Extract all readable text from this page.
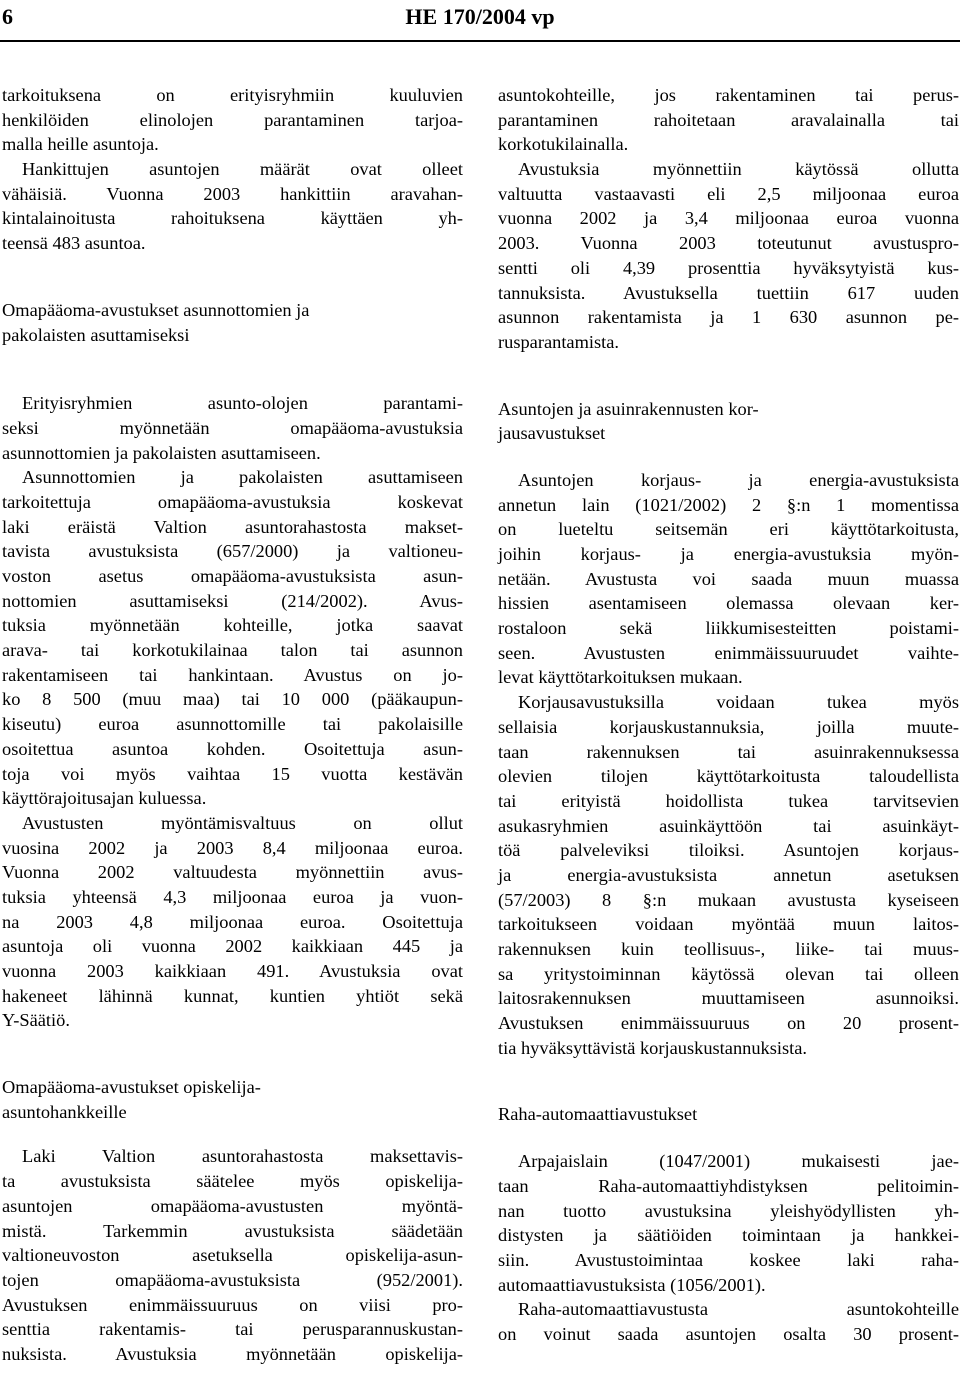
6	HE 170/2004 vp
tarkoituksena on erityisryhmiin kuuluvien
henkilöiden elinolojen parantaminen tarjoa-
malla heille asuntoja.
Hankittujen asuntojen määrät ovat olleet
vähäisiä. Vuonna 2003 hankittiin aravahan-
kintalainoitusta rahoituksena käyttäen yh-
teensä 483 asuntoa.
Omapääoma-avustukset asunnottomien ja
pakolaisten asuttamiseksi
Erityisryhmien asunto-olojen parantami-
seksi myönnetään omapääoma-avustuksia
asunnottomien ja pakolaisten asuttamiseen.
Asunnottomien ja pakolaisten asuttamiseen
tarkoitettuja omapääoma-avustuksia koskevat
laki eräistä Valtion asuntorahastosta makset-
tavista avustuksista (657/2000) ja valtioneu-
voston asetus omapääoma-avustuksista asun-
nottomien asuttamiseksi (214/2002). Avus-
tuksia myönnetään kohteille, jotka saavat
arava- tai korkotukilainaa talon tai asunnon
rakentamiseen tai hankintaan. Avustus on jo-
ko 8 500 (muu maa) tai 10 000 (pääkaupun-
kiseutu) euroa asunnottomille tai pakolaisille
osoitettua asuntoa kohden. Osoitettuja asun-
toja voi myös vaihtaa 15 vuotta kestävän
käyttörajoitusajan kuluessa.
Avustusten myöntämisvaltuus on ollut
vuosina 2002 ja 2003 8,4 miljoonaa euroa.
Vuonna 2002 valtuudesta myönnettiin avus-
tuksia yhteensä 4,3 miljoonaa euroa ja vuon-
na 2003 4,8 miljoonaa euroa. Osoitettuja
asuntoja oli vuonna 2002 kaikkiaan 445 ja
vuonna 2003 kaikkiaan 491. Avustuksia ovat
hakeneet lähinnä kunnat, kuntien yhtiöt sekä
Y-Säätiö.
Omapääoma-avustukset opiskelija-
asuntohankkeille
Laki Valtion asuntorahastosta maksettavis-
ta avustuksista säätelee myös opiskelija-
asuntojen omapääoma-avustusten myöntä-
mistä. Tarkemmin avustuksista säädetään
valtioneuvoston asetuksella opiskelija-asun-
tojen omapääoma-avustuksista (952/2001).
Avustuksen enimmäissuuruus on viisi pro-
senttia rakentamis- tai perusparannuskustan-
nuksista. Avustuksia myönnetään opiskelija-
asuntokohteille, jos rakentaminen tai perus-
parantaminen rahoitetaan aravalainalla tai
korkotukilainalla.
Avustuksia myönnettiin käytössä ollutta
valtuutta vastaavasti eli 2,5 miljoonaa euroa
vuonna 2002 ja 3,4 miljoonaa euroa vuonna
2003. Vuonna 2003 toteutunut avustuspro-
sentti oli 4,39 prosenttia hyväksytyistä kus-
tannuksista. Avustuksella tuettiin 617 uuden
asunnon rakentamista ja 1 630 asunnon pe-
rusparantamista.
Asuntojen ja asuinrakennusten kor-
jausavustukset
Asuntojen korjaus- ja energia-avustuksista
annetun lain (1021/2002) 2 §:n 1 momentissa
on lueteltu seitsemän eri käyttötarkoitusta,
joihin korjaus- ja energia-avustuksia myön-
netään. Avustusta voi saada muun muassa
hissien asentamiseen olemassa olevaan ker-
rostaloon sekä liikkumisesteitten poistami-
seen. Avustusten enimmäissuuruudet vaihte-
levat käyttötarkoituksen mukaan.
Korjausavustuksilla voidaan tukea myös
sellaisia korjauskustannuksia, joilla muute-
taan rakennuksen tai asuinrakennuksessa
olevien tilojen käyttötarkoitusta taloudellista
tai erityistä hoidollista tukea tarvitsevien
asukasryhmien asuinkäyttöön tai asuinkäyt-
töä palveleviksi tiloiksi. Asuntojen korjaus-
ja energia-avustuksista annetun asetuksen
(57/2003) 8 §:n mukaan avustusta kyseiseen
tarkoitukseen voidaan myöntää muun laitos-
rakennuksen kuin teollisuus-, liike- tai muus-
sa yritystoiminnan käytössä olevan tai olleen
laitosrakennuksen muuttamiseen asunnoiksi.
Avustuksen enimmäissuuruus on 20 prosent-
tia hyväksyttävistä korjauskustannuksista.
Raha-automaattiavustukset
Arpajaislain (1047/2001) mukaisesti jae-
taan Raha-automaattiyhdistyksen pelitoimin-
nan tuotto avustuksina yleishyödyllisten yh-
distysten ja säätiöiden toimintaan ja hankkei-
siin. Avustustoimintaa koskee laki raha-
automaattiavustuksista (1056/2001).
Raha-automaattiavustusta asuntokohteille
on voinut saada asuntojen osalta 30 prosent-
